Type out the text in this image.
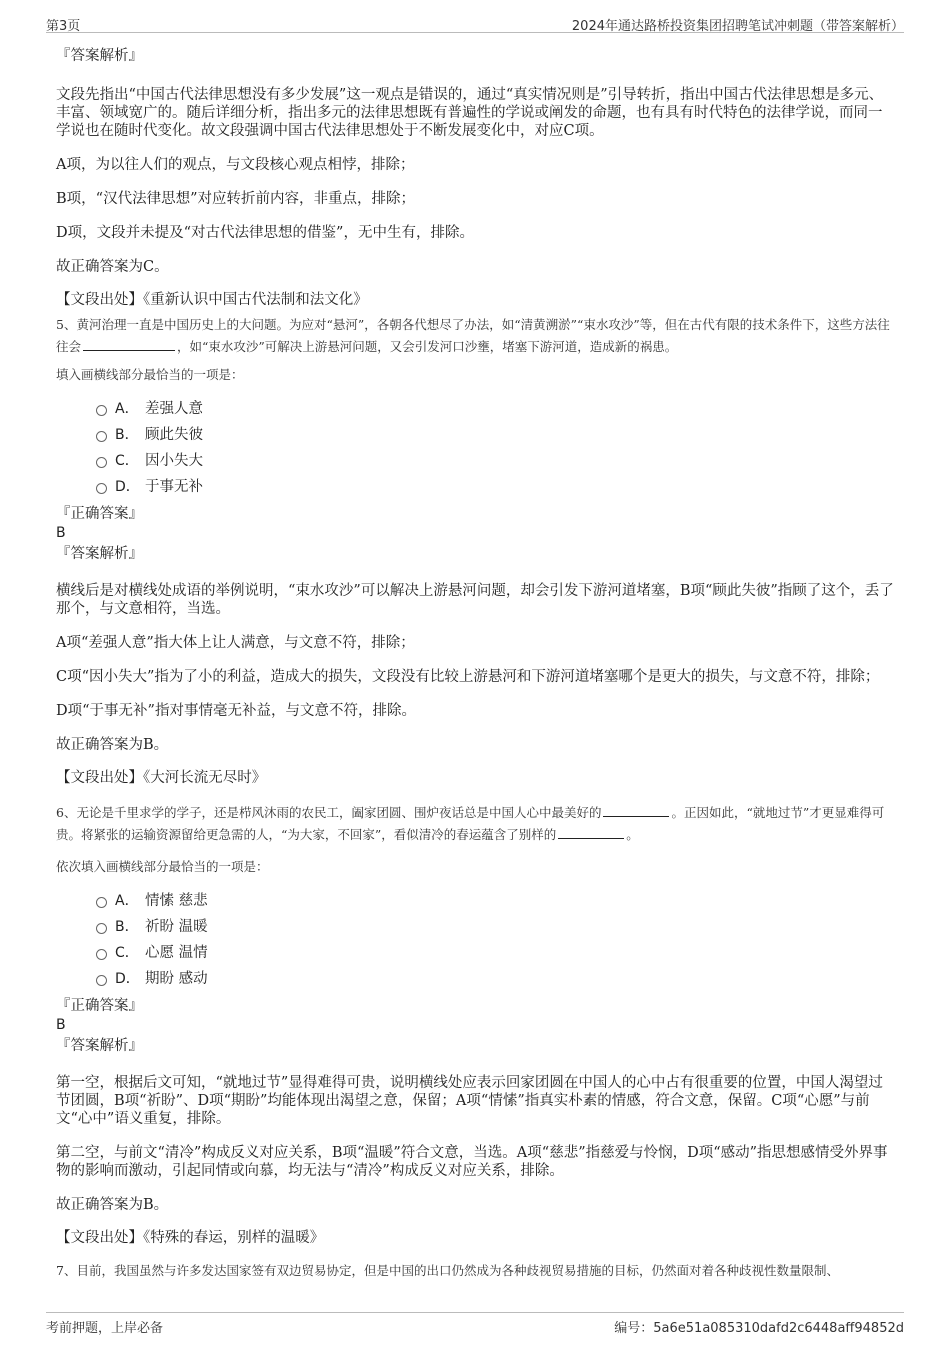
第3页	2024年通达路桥投资集团招聘笔试冲刺题（带答案解析）

『答案解析』

文段先指出“中国古代法律思想没有多少发展”这一观点是错误的，通过“真实情况则是”引导转折，指出中国古代法律思想是多元、丰富、领域宽广的。随后详细分析，指出多元的法律思想既有普遍性的学说或阐发的命题，也有具有时代特色的法律学说，而同一学说也在随时代变化。故文段强调中国古代法律思想处于不断发展变化中，对应C项。

A项，为以往人们的观点，与文段核心观点相悖，排除；

B项，“汉代法律思想”对应转折前内容，非重点，排除；

D项，文段并未提及“对古代法律思想的借鉴”，无中生有，排除。

故正确答案为C。

【文段出处】《重新认识中国古代法制和法文化》

5、黄河治理一直是中国历史上的大问题。为应对“悬河”，各朝各代想尽了办法，如“清黄溯淤”“束水攻沙”等，但在古代有限的技术条件下，这些方法往往会	，如“束水攻沙”可解决上游悬河问题，又会引发河口沙壅，堵塞下游河道，造成新的祸患。

填入画横线部分最恰当的一项是：

A． 差强人意
B． 顾此失彼
C． 因小失大
D． 于事无补

『正确答案』

B

『答案解析』

横线后是对横线处成语的举例说明，“束水攻沙”可以解决上游悬河问题，却会引发下游河道堵塞，B项“顾此失彼”指顾了这个，丢了那个，与文意相符，当选。

A项“差强人意”指大体上让人满意，与文意不符，排除；

C项“因小失大”指为了小的利益，造成大的损失，文段没有比较上游悬河和下游河道堵塞哪个是更大的损失，与文意不符，排除；

D项“于事无补”指对事情毫无补益，与文意不符，排除。

故正确答案为B。

【文段出处】《大河长流无尽时》

6、无论是千里求学的学子，还是栉风沐雨的农民工，阖家团圆、围炉夜话总是中国人心中最美好的	。正因如此，“就地过节”才更显难得可贵。将紧张的运输资源留给更急需的人，“为大家，不回家”，看似清冷的春运蕴含了别样的	。

依次填入画横线部分最恰当的一项是：

A． 情愫 慈悲
B． 祈盼 温暖
C． 心愿 温情
D． 期盼 感动

『正确答案』

B

『答案解析』

第一空，根据后文可知，“就地过节”显得难得可贵，说明横线处应表示回家团圆在中国人的心中占有很重要的位置，中国人渴望过节团圆，B项“祈盼”、D项“期盼”均能体现出渴望之意，保留；A项“情愫”指真实朴素的情感，符合文意，保留。C项“心愿”与前文“心中”语义重复，排除。

第二空，与前文“清冷”构成反义对应关系，B项“温暖”符合文意，当选。A项“慈悲”指慈爱与怜悯，D项“感动”指思想感情受外界事物的影响而激动，引起同情或向慕，均无法与“清冷”构成反义对应关系，排除。

故正确答案为B。

【文段出处】《特殊的春运，别样的温暖》

7、目前，我国虽然与许多发达国家签有双边贸易协定，但是中国的出口仍然成为各种歧视贸易措施的目标，仍然面对着各种歧视性数量限制、

考前押题，上岸必备	编号：5a6e51a085310dafd2c6448aff94852d
